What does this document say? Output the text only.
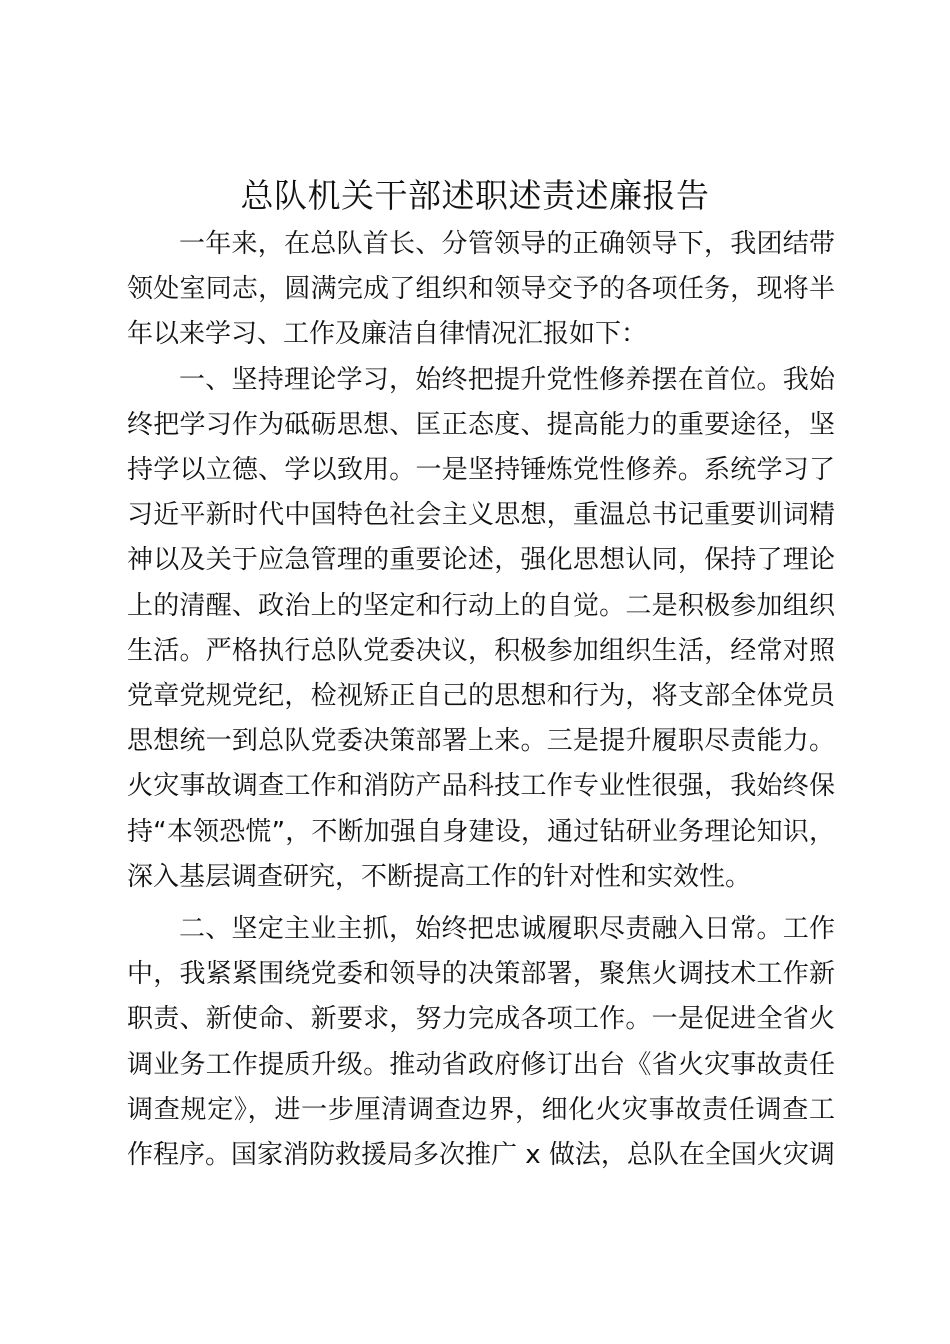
总队机关干部述职述责述廉报告

一年来，在总队首长、分管领导的正确领导下，我团结带领处室同志，圆满完成了组织和领导交予的各项任务，现将半年以来学习、工作及廉洁自律情况汇报如下：

一、坚持理论学习，始终把提升党性修养摆在首位。我始终把学习作为砥砺思想、匡正态度、提高能力的重要途径，坚持学以立德、学以致用。一是坚持锤炼党性修养。系统学习了习近平新时代中国特色社会主义思想，重温总书记重要训词精神以及关于应急管理的重要论述，强化思想认同，保持了理论上的清醒、政治上的坚定和行动上的自觉。二是积极参加组织生活。严格执行总队党委决议，积极参加组织生活，经常对照党章党规党纪，检视矫正自己的思想和行为，将支部全体党员思想统一到总队党委决策部署上来。三是提升履职尽责能力。火灾事故调查工作和消防产品科技工作专业性很强，我始终保持“本领恐慌”，不断加强自身建设，通过钻研业务理论知识，深入基层调查研究，不断提高工作的针对性和实效性。

二、坚定主业主抓，始终把忠诚履职尽责融入日常。工作中，我紧紧围绕党委和领导的决策部署，聚焦火调技术工作新职责、新使命、新要求，努力完成各项工作。一是促进全省火调业务工作提质升级。推动省政府修订出台《省火灾事故责任调查规定》，进一步厘清调查边界，细化火灾事故责任调查工作程序。国家消防救援局多次推广 x 做法，总队在全国火灾调
